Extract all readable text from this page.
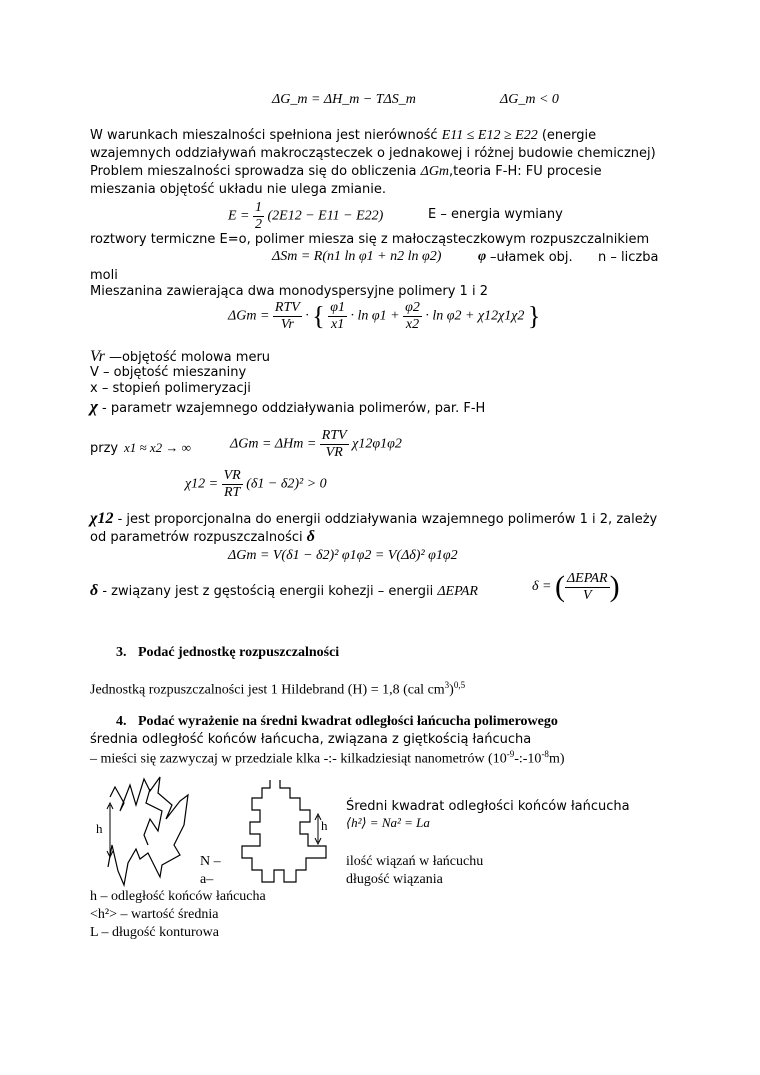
ΔG_m = ΔH_m − TΔS_m	ΔG_m < 0
W warunkach mieszalności spełniona jest nierówność E11 ≤ E12 ≥ E22 (energie
wzajemnych oddziaływań makrocząsteczek o jednakowej i różnej budowie chemicznej)
Problem mieszalności sprowadza się do obliczenia ΔGm,teoria F-H: FU procesie
mieszania objętość układu nie ulega zmianie.
$E = \frac{1}{2} (2E12 - E11 - E22)$	E – energia wymiany
roztwory termiczne E=o, polimer miesza się z małocząsteczkowym rozpuszczalnikiem
ΔSm = R(n1 ln φ1 + n2 ln φ2)	φ –ułamek obj. n – liczba
moli
Mieszanina zawierająca dwa monodyspersyjne polimery 1 i 2
$\Delta Gm = \frac{\text{RTV}}{Vr}$ · { $\frac{\varphi 1}{x1} \cdot \ln \varphi 1 + \frac{\varphi 2}{x2} \cdot \ln \varphi 2 + \chi 12\chi 1\chi 2$ }
Vr —objętość molowa meru
V – objętość mieszaniny
x – stopień polimeryzacji
χ - parametr wzajemnego oddziaływania polimerów, par. F-H
przy x1 ≈ x2 → ∞	$\Delta Gm = \Delta Hm = \frac{\text{RTV}}{VR} \chi 12\varphi 1\varphi 2$
$\chi 12 = \frac{VR}{RT} (\delta 1 - \delta 2)^2 > 0$
χ12 - jest proporcjonalna do energii oddziaływania wzajemnego polimerów 1 i 2, zależy
od parametrów rozpuszczalności δ
ΔGm = V(δ1 − δ2)² φ1φ2 = V(Δδ)² φ1φ2
δ - związany jest z gęstością energii kohezji – energii ΔEPAR	δ = ( $\frac{\text{ΔEPAR}}{V}$ )
3. Podać jednostkę rozpuszczalności
Jednostką rozpuszczalności jest 1 Hildebrand (H) = 1,8 (cal $cm^3)^{0,5}$
4. Podać wyrażenie na średni kwadrat odległości łańcucha polimerowego
średnia odległość końców łańcucha, związana z giętkością łańcucha
– mieści się zazwyczaj w przedziale klka -:- kilkadziesiąt nanometrów $(10^{-9}-:-10^{-8}m)$
h	h
N –
a–
Średni kwadrat odległości końców łańcucha
⟨h²⟩ = Na² = La
ilość wiązań w łańcuchu
długość wiązania
h – odległość końców łańcucha
<h²> – wartość średnia
L – długość konturowa
